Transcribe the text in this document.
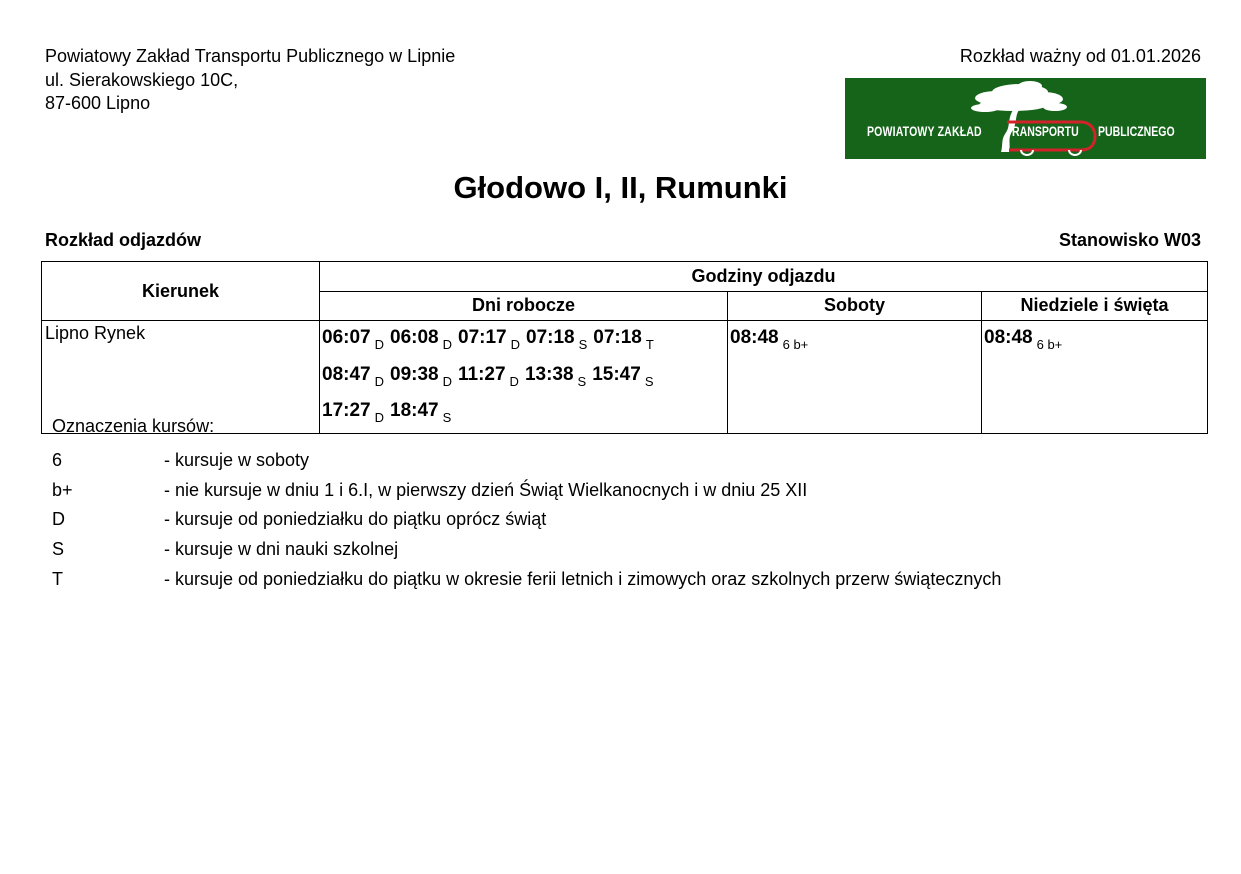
Powiatowy Zakład Transportu Publicznego w Lipnie
ul. Sierakowskiego 10C,
87-600 Lipno
Rozkład ważny od 01.01.2026
POWIATOWY ZAKŁAD RANSPORTU PUBLICZNEGO
Głodowo I, II, Rumunki
Rozkład odjazdów	Stanowisko W03
Kierunek	Godziny odjazdu		
	Dni robocze	Soboty	Niedziele i święta
Lipno Rynek	06:07 $_D$ 06:08 $_D$ 07:17 $_D$ 07:18 $_S$ 07:18 $_T$
08:47 $_D$ 09:38 $_D$ 11:27 $_D$ 13:38 $_S$ 15:47 $_S$
17:27 $_D$ 18:47 $_S$	08:48 $_{6 b+}$	08:48 $_{6 b+}$
Oznaczenia kursów:
6	- kursuje w soboty
b+	- nie kursuje w dniu 1 i 6.I, w pierwszy dzień Świąt Wielkanocnych i w dniu 25 XII
D	- kursuje od poniedziałku do piątku oprócz świąt
S	- kursuje w dni nauki szkolnej
T	- kursuje od poniedziałku do piątku w okresie ferii letnich i zimowych oraz szkolnych przerw świątecznych
